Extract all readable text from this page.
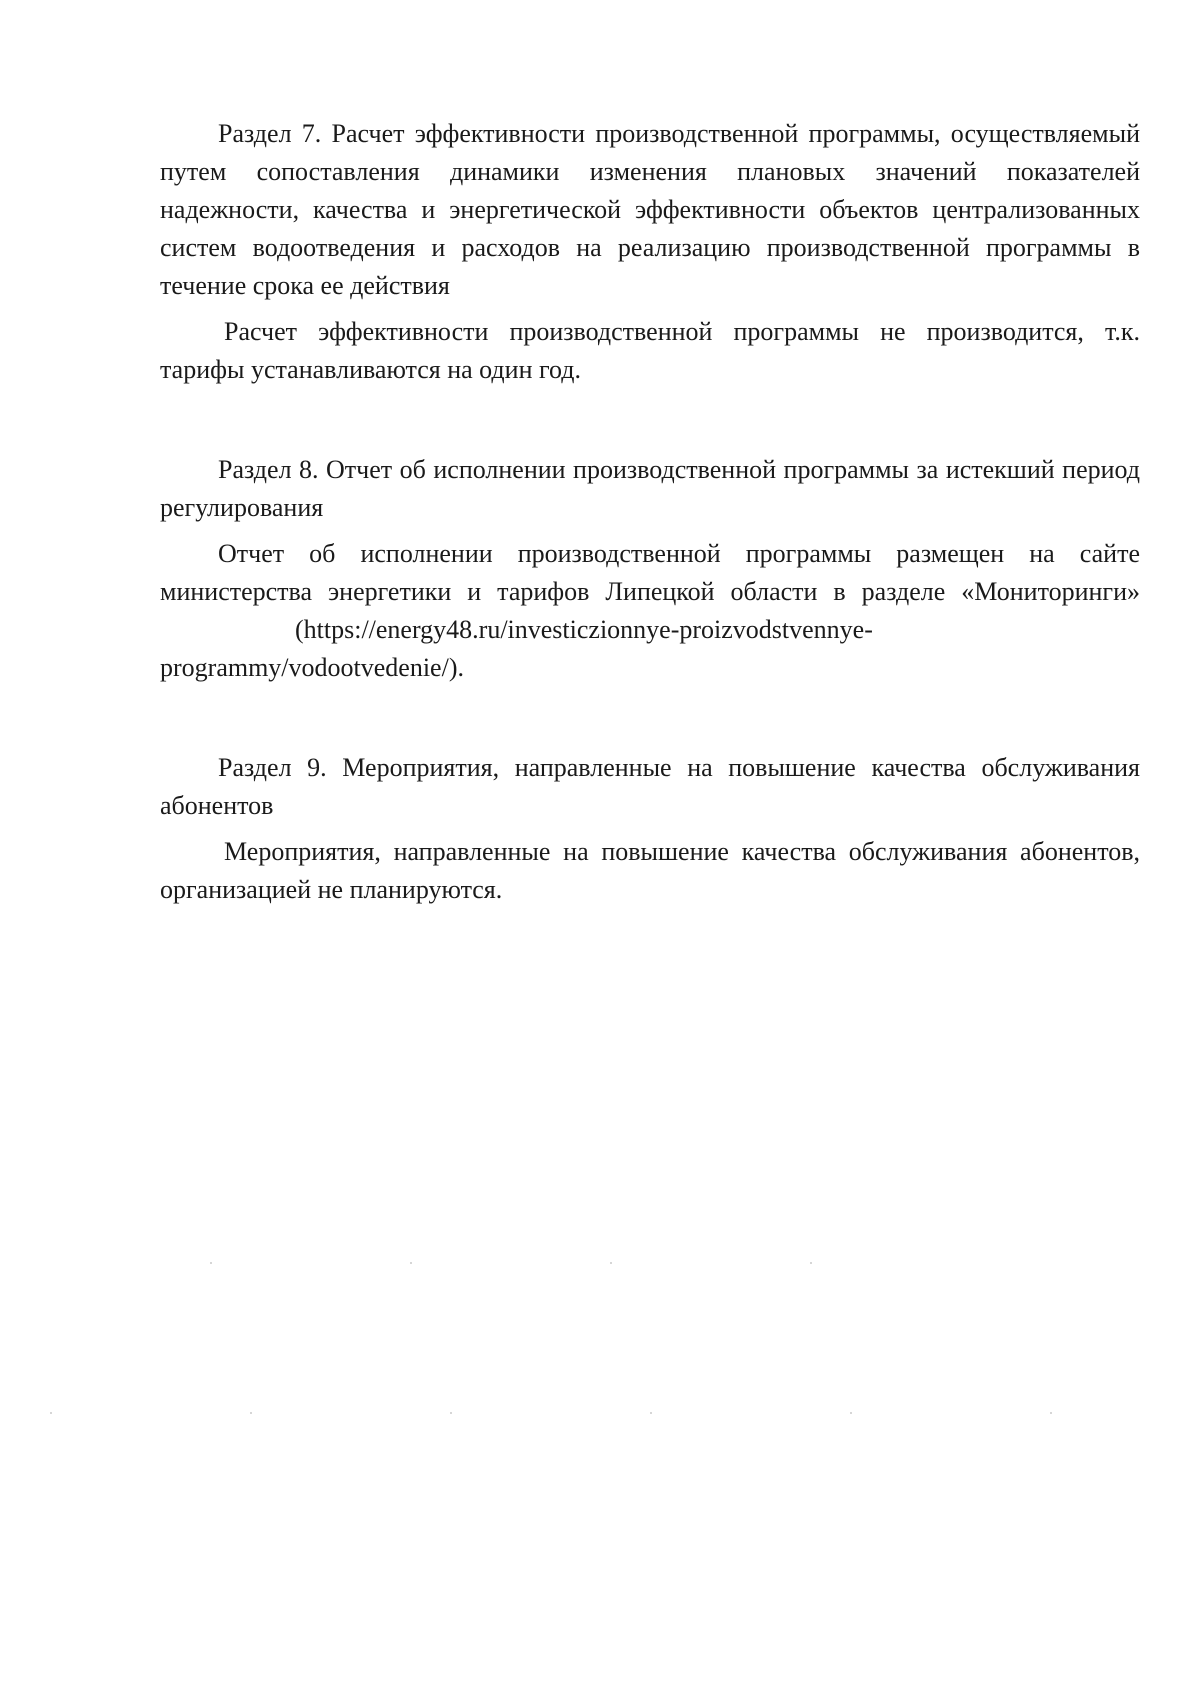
Раздел 7. Расчет эффективности производственной программы, осуществляемый путем сопоставления динамики изменения плановых значений показателей надежности, качества и энергетической эффективности объектов централизованных систем водоотведения и расходов на реализацию производственной программы в течение срока ее действия

Расчет эффективности производственной программы не производится, т.к. тарифы устанавливаются на один год.

Раздел 8. Отчет об исполнении производственной программы за истекший период регулирования

Отчет об исполнении производственной программы размещен на сайте министерства энергетики и тарифов Липецкой области в разделе «Мониторинги» (https://energy48.ru/investiczionnye-proizvodstvennye-programmy/vodootvedenie/).

Раздел 9. Мероприятия, направленные на повышение качества обслуживания абонентов

Мероприятия, направленные на повышение качества обслуживания абонентов, организацией не планируются.
